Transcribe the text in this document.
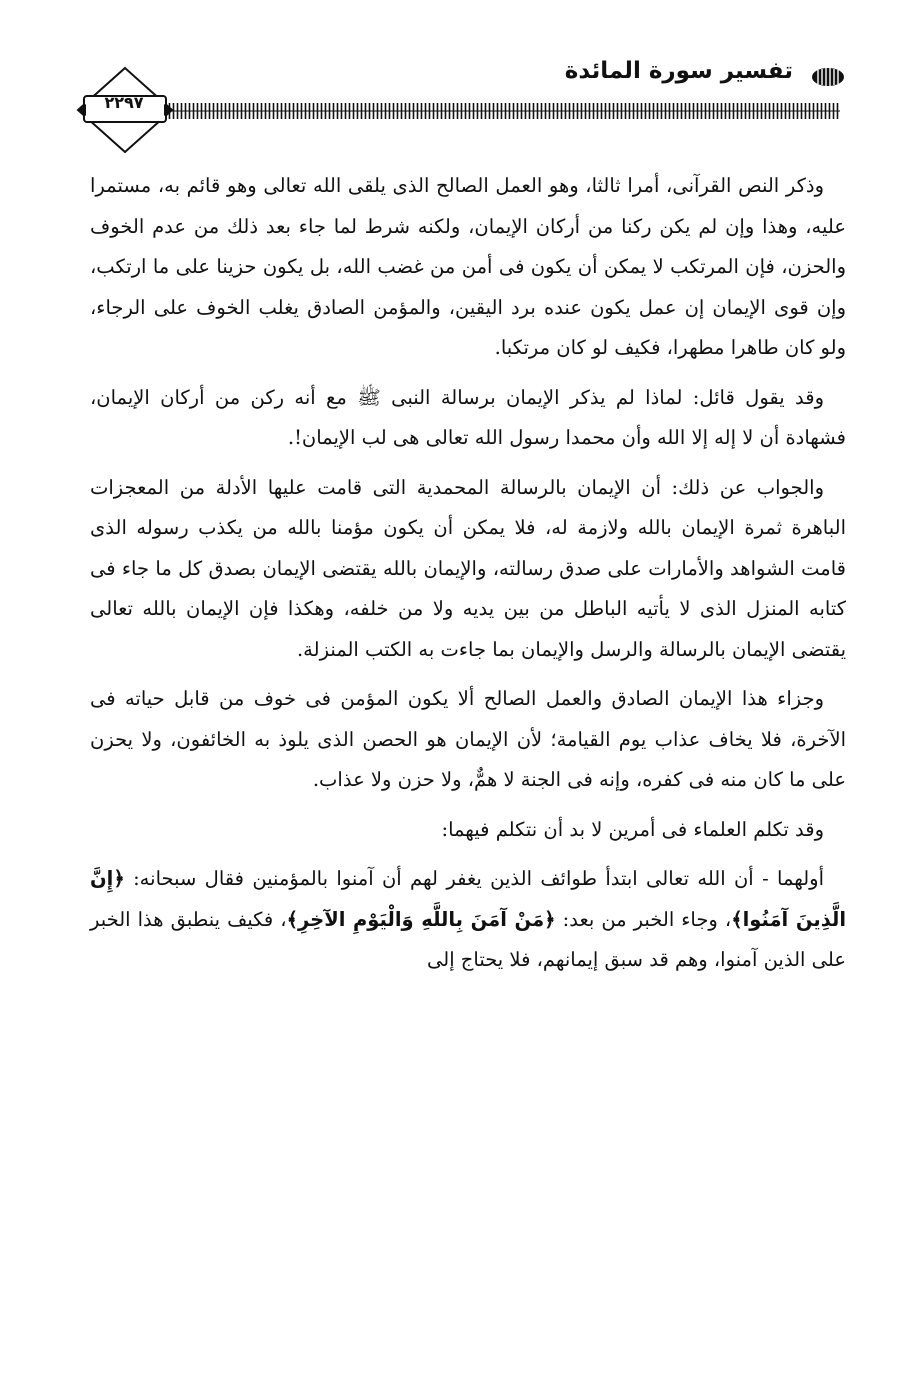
تفسير سورة المائدة
٢٢٩٧

وذكر النص القرآنى، أمرا ثالثا، وهو العمل الصالح الذى يلقى الله تعالى وهو قائم به، مستمرا عليه، وهذا وإن لم يكن ركنا من أركان الإيمان، ولكنه شرط لما جاء بعد ذلك من عدم الخوف والحزن، فإن المرتكب لا يمكن أن يكون فى أمن من غضب الله، بل يكون حزينا على ما ارتكب، وإن قوى الإيمان إن عمل يكون عنده برد اليقين، والمؤمن الصادق يغلب الخوف على الرجاء، ولو كان طاهرا مطهرا، فكيف لو كان مرتكبا.

وقد يقول قائل: لماذا لم يذكر الإيمان برسالة النبى ﷺ مع أنه ركن من أركان الإيمان، فشهادة أن لا إله إلا الله وأن محمدا رسول الله تعالى هى لب الإيمان!.

والجواب عن ذلك: أن الإيمان بالرسالة المحمدية التى قامت عليها الأدلة من المعجزات الباهرة ثمرة الإيمان بالله ولازمة له، فلا يمكن أن يكون مؤمنا بالله من يكذب رسوله الذى قامت الشواهد والأمارات على صدق رسالته، والإيمان بالله يقتضى الإيمان بصدق كل ما جاء فى كتابه المنزل الذى لا يأتيه الباطل من بين يديه ولا من خلفه، وهكذا فإن الإيمان بالله تعالى يقتضى الإيمان بالرسالة والرسل والإيمان بما جاءت به الكتب المنزلة.

وجزاء هذا الإيمان الصادق والعمل الصالح ألا يكون المؤمن فى خوف من قابل حياته فى الآخرة، فلا يخاف عذاب يوم القيامة؛ لأن الإيمان هو الحصن الذى يلوذ به الخائفون، ولا يحزن على ما كان منه فى كفره، وإنه فى الجنة لا همٌّ، ولا حزن ولا عذاب.

وقد تكلم العلماء فى أمرين لا بد أن نتكلم فيهما:

أولهما - أن الله تعالى ابتدأ طوائف الذين يغفر لهم أن آمنوا بالمؤمنين فقال سبحانه: ﴿إِنَّ الَّذِينَ آمَنُوا﴾، وجاء الخبر من بعد: ﴿مَنْ آمَنَ بِاللَّهِ وَالْيَوْمِ الآخِرِ﴾، فكيف ينطبق هذا الخبر على الذين آمنوا، وهم قد سبق إيمانهم، فلا يحتاج إلى
